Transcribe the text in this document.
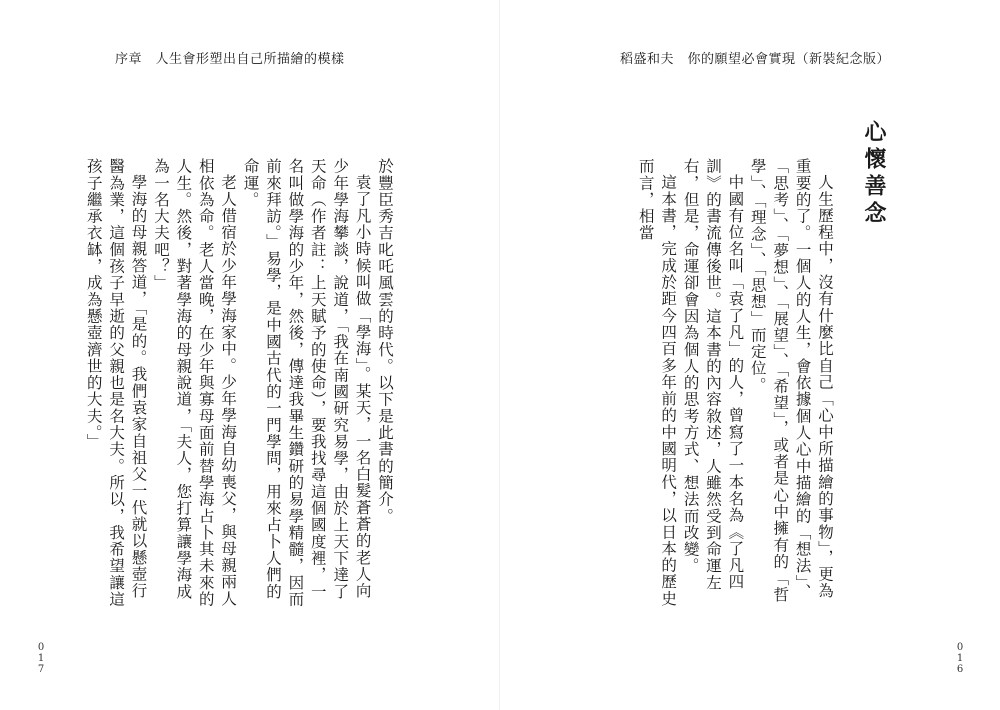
序章　人生會形塑出自己所描繪的模樣

於豐臣秀吉叱吒風雲的時代。以下是此書的簡介。

袁了凡小時候叫做「學海」。某天，一名白髮蒼蒼的老人向少年學海攀談，說道，「我在南國研究易學，由於上天下達了天命（作者註：上天賦予的使命），要我找尋這個國度裡，一名叫做學海的少年，然後，傳達我畢生鑽研的易學精髓，因而前來拜訪。」易學，是中國古代的一門學問，用來占卜人們的命運。

老人借宿於少年學海家中。少年學海自幼喪父，與母親兩人相依為命。老人當晚，在少年與寡母面前替學海占卜其未來的人生。然後，對著學海的母親說道，「夫人，您打算讓學海成為一名大夫吧？」

學海的母親答道，「是的。我們袁家自祖父一代就以懸壺行醫為業，這個孩子早逝的父親也是名大夫。所以，我希望讓這孩子繼承衣缽，成為懸壺濟世的大夫。」

017
稻盛和夫　你的願望必會實現（新裝紀念版）
心懷善念

人生歷程中，沒有什麼比自己「心中所描繪的事物」，更為重要的了。一個人的人生，會依據個人心中描繪的「想法」、「思考」、「夢想」、「展望」、「希望」，或者是心中擁有的「哲學」、「理念」、「思想」而定位。

中國有位名叫「袁了凡」的人，曾寫了一本名為《了凡四訓》的書流傳後世。這本書的內容敘述，人雖然受到命運左右，但是，命運卻會因為個人的思考方式、想法而改變。

這本書，完成於距今四百多年前的中國明代，以日本的歷史而言，相當

016
